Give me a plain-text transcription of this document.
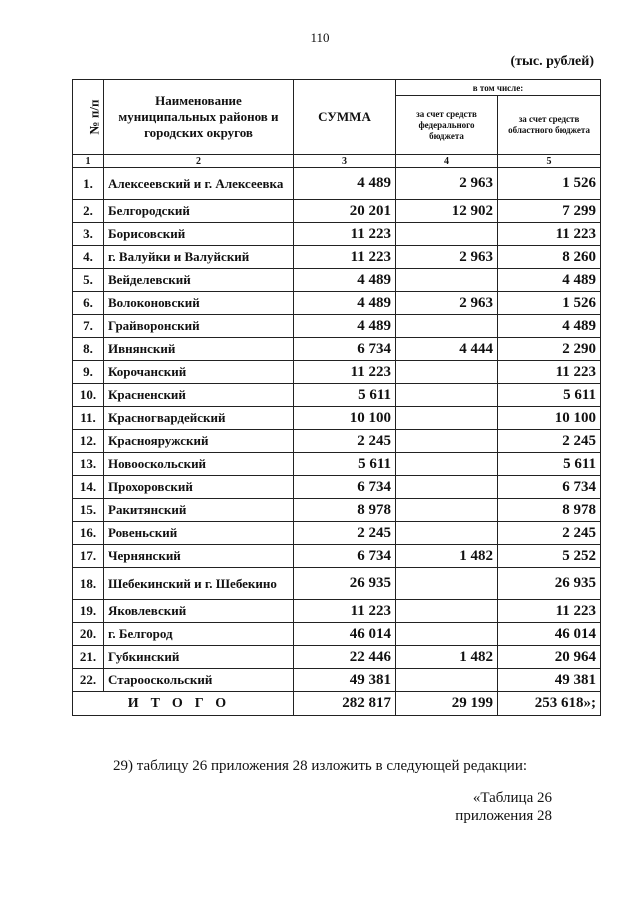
110
(тыс. рублей)
№ п/п	Наименование муниципальных районов и городских округов	СУММА	в том числе:	
			за счет средств федерального бюджета	за счет средств областного бюджета
1	2	3	4	5
1.	Алексеевский и г. Алексеевка	4 489	2 963	1 526
2.	Белгородский	20 201	12 902	7 299
3.	Борисовский	11 223		11 223
4.	г. Валуйки и Валуйский	11 223	2 963	8 260
5.	Вейделевский	4 489		4 489
6.	Волоконовский	4 489	2 963	1 526
7.	Грайворонский	4 489		4 489
8.	Ивнянский	6 734	4 444	2 290
9.	Корочанский	11 223		11 223
10.	Красненский	5 611		5 611
11.	Красногвардейский	10 100		10 100
12.	Краснояружский	2 245		2 245
13.	Новооскольский	5 611		5 611
14.	Прохоровский	6 734		6 734
15.	Ракитянский	8 978		8 978
16.	Ровеньский	2 245		2 245
17.	Чернянский	6 734	1 482	5 252
18.	Шебекинский и г. Шебекино	26 935		26 935
19.	Яковлевский	11 223		11 223
20.	г. Белгород	46 014		46 014
21.	Губкинский	22 446	1 482	20 964
22.	Старооскольский	49 381		49 381
ИТОГО		282 817	29 199	253 618»;
29) таблицу 26 приложения 28 изложить в следующей редакции:
«Таблица 26
приложения 28
